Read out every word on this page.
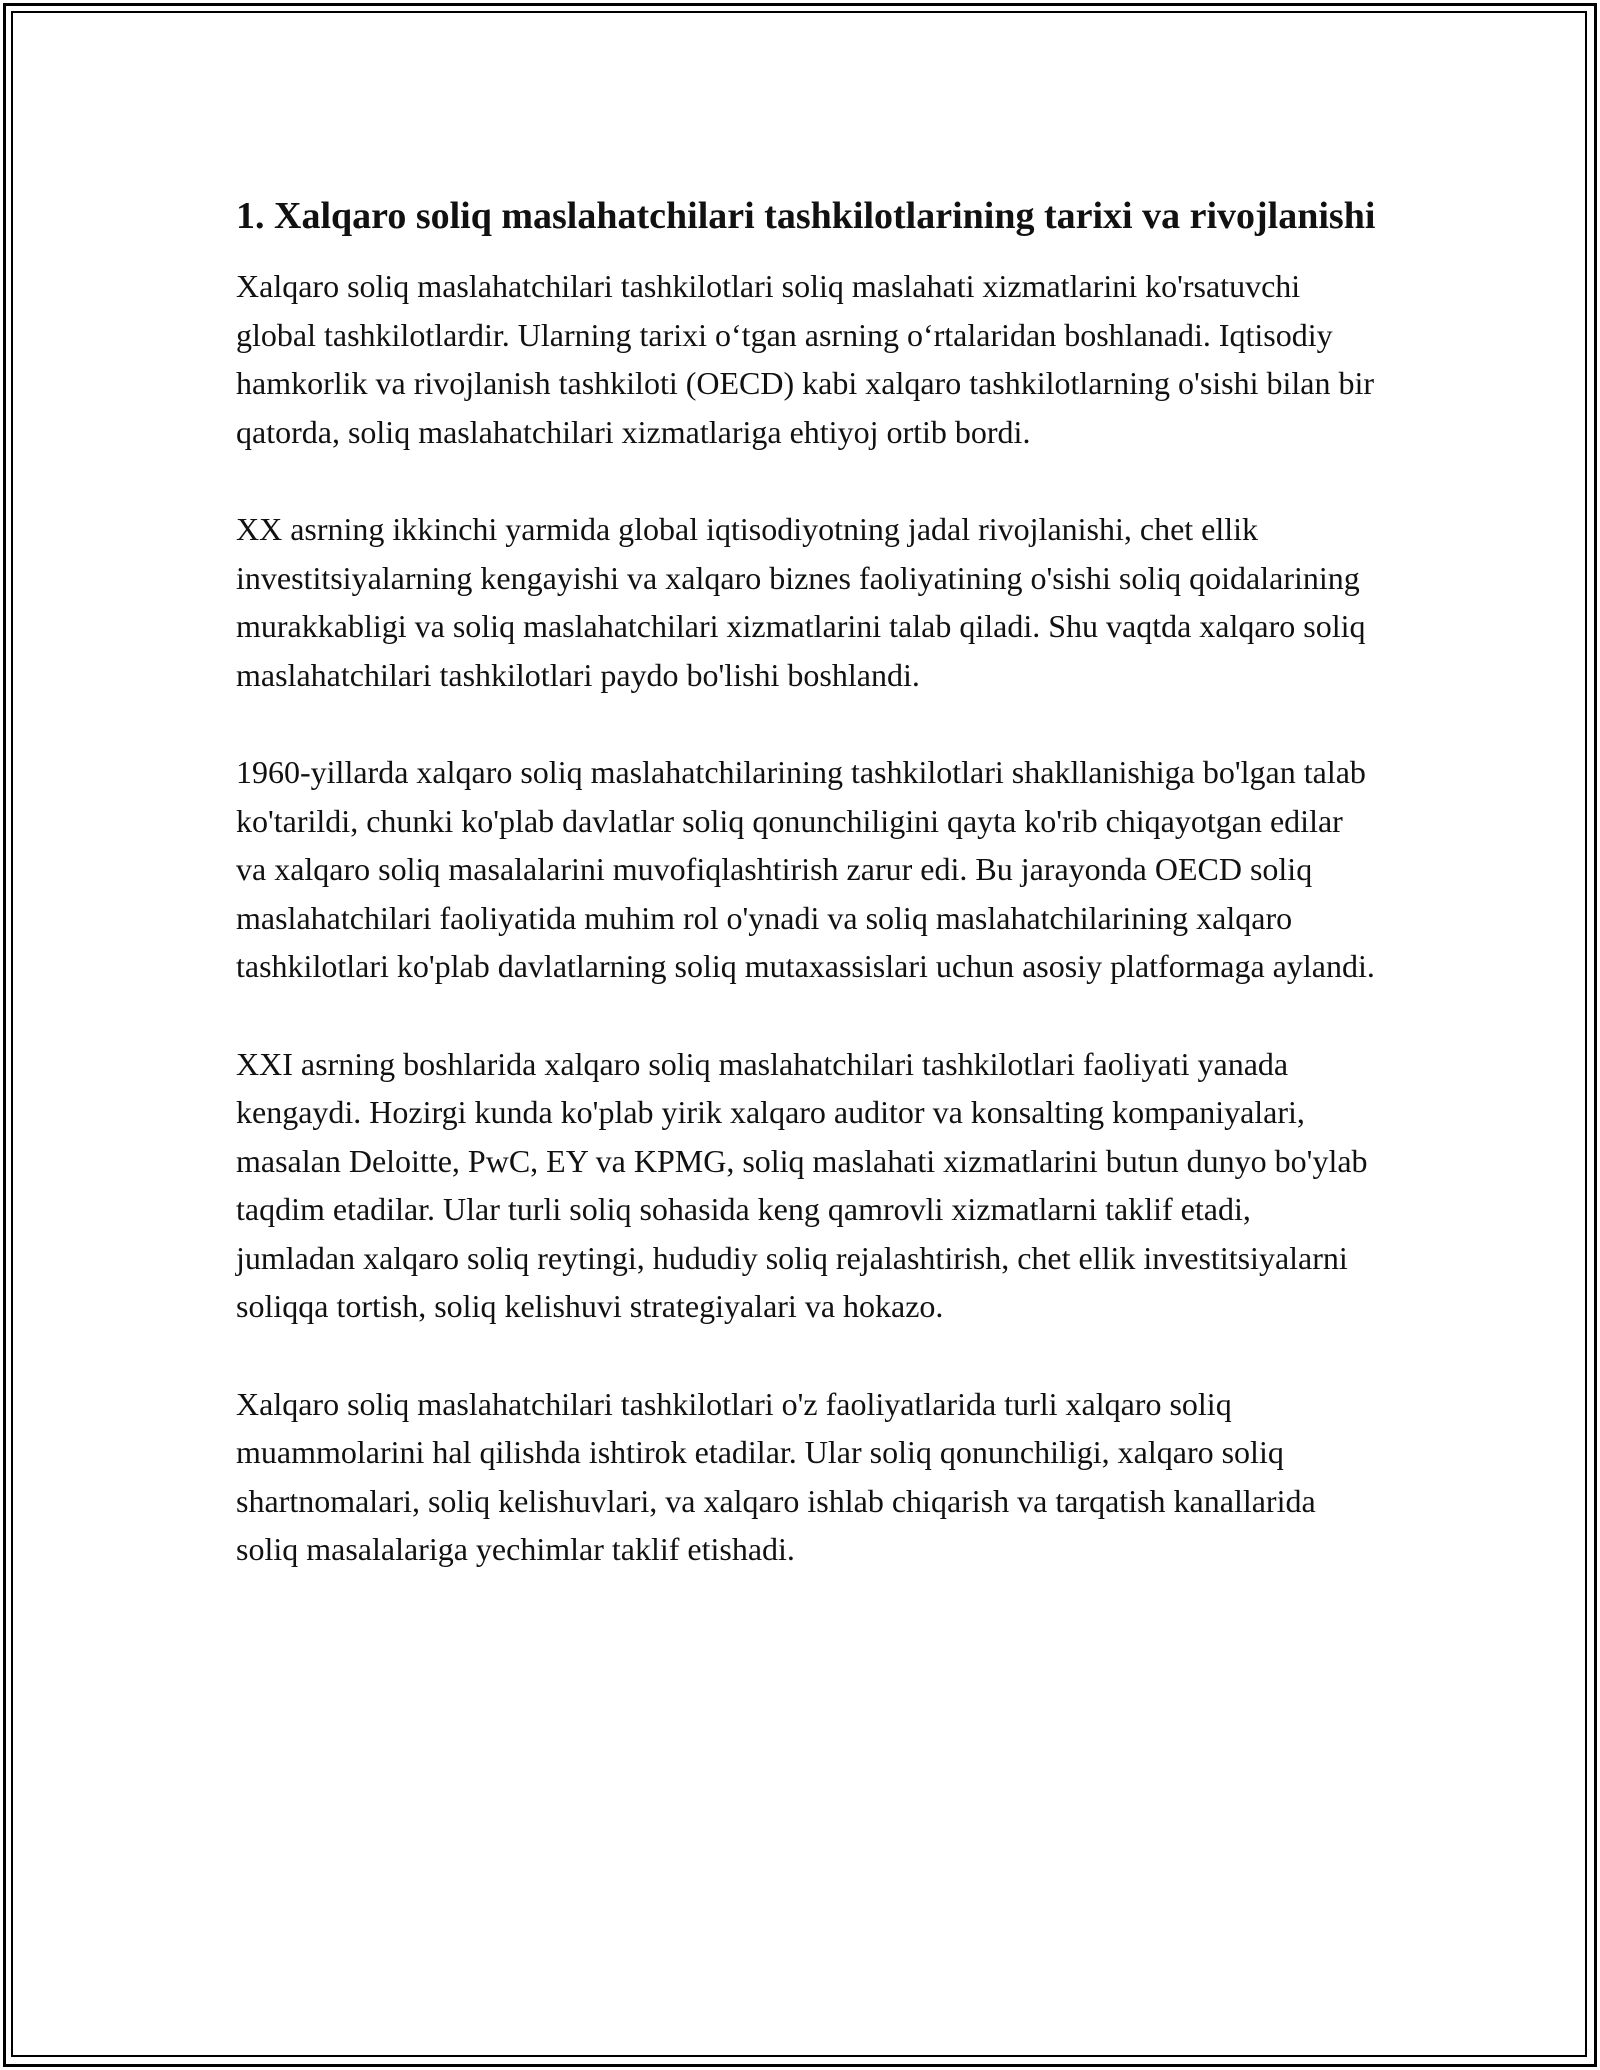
1. Xalqaro soliq maslahatchilari tashkilotlarining tarixi va rivojlanishi

Xalqaro soliq maslahatchilari tashkilotlari soliq maslahati xizmatlarini ko'rsatuvchi global tashkilotlardir. Ularning tarixi o‘tgan asrning o‘rtalaridan boshlanadi. Iqtisodiy hamkorlik va rivojlanish tashkiloti (OECD) kabi xalqaro tashkilotlarning o'sishi bilan bir qatorda, soliq maslahatchilari xizmatlariga ehtiyoj ortib bordi.

XX asrning ikkinchi yarmida global iqtisodiyotning jadal rivojlanishi, chet ellik investitsiyalarning kengayishi va xalqaro biznes faoliyatining o'sishi soliq qoidalarining murakkabligi va soliq maslahatchilari xizmatlarini talab qiladi. Shu vaqtda xalqaro soliq maslahatchilari tashkilotlari paydo bo'lishi boshlandi.

1960-yillarda xalqaro soliq maslahatchilarining tashkilotlari shakllanishiga bo'lgan talab ko'tarildi, chunki ko'plab davlatlar soliq qonunchiligini qayta ko'rib chiqayotgan edilar va xalqaro soliq masalalarini muvofiqlashtirish zarur edi. Bu jarayonda OECD soliq maslahatchilari faoliyatida muhim rol o'ynadi va soliq maslahatchilarining xalqaro tashkilotlari ko'plab davlatlarning soliq mutaxassislari uchun asosiy platformaga aylandi.

XXI asrning boshlarida xalqaro soliq maslahatchilari tashkilotlari faoliyati yanada kengaydi. Hozirgi kunda ko'plab yirik xalqaro auditor va konsalting kompaniyalari, masalan Deloitte, PwC, EY va KPMG, soliq maslahati xizmatlarini butun dunyo bo'ylab taqdim etadilar. Ular turli soliq sohasida keng qamrovli xizmatlarni taklif etadi, jumladan xalqaro soliq reytingi, hududiy soliq rejalashtirish, chet ellik investitsiyalarni soliqqa tortish, soliq kelishuvi strategiyalari va hokazo.

Xalqaro soliq maslahatchilari tashkilotlari o'z faoliyatlarida turli xalqaro soliq muammolarini hal qilishda ishtirok etadilar. Ular soliq qonunchiligi, xalqaro soliq shartnomalari, soliq kelishuvlari, va xalqaro ishlab chiqarish va tarqatish kanallarida soliq masalalariga yechimlar taklif etishadi.
